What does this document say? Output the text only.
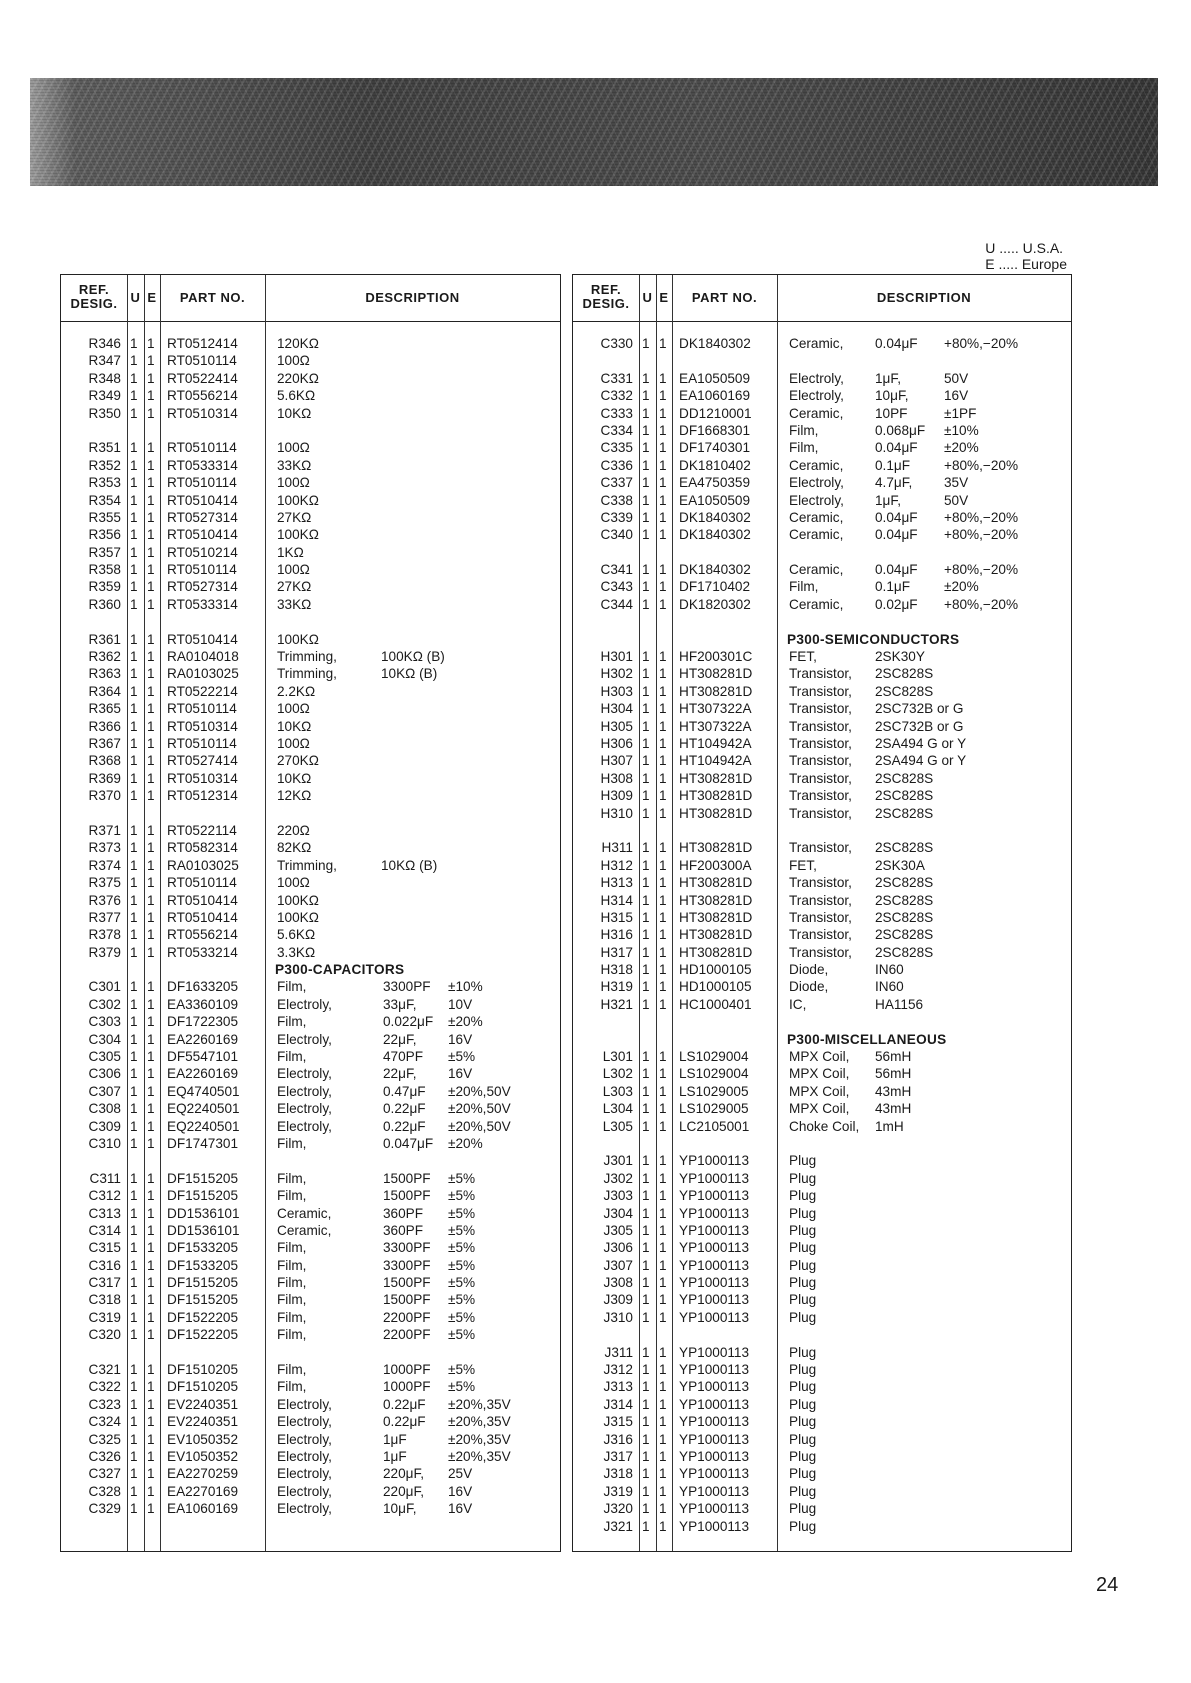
U ..... U.S.A.
E ..... Europe
REF.
DESIG.	U E	PART NO.	DESCRIPTION
R346 1 1 RT0512414	120KΩ
R347 1 1 RT0510114	100Ω
R348 1 1 RT0522414	220KΩ
R349 1 1 RT0556214	5.6KΩ
R350 1 1 RT0510314	10KΩ
R351 1 1 RT0510114	100Ω
R352 1 1 RT0533314	33KΩ
R353 1 1 RT0510114	100Ω
R354 1 1 RT0510414	100KΩ
R355 1 1 RT0527314	27KΩ
R356 1 1 RT0510414	100KΩ
R357 1 1 RT0510214	1KΩ
R358 1 1 RT0510114	100Ω
R359 1 1 RT0527314	27KΩ
R360 1 1 RT0533314	33KΩ
R361 1 1 RT0510414	100KΩ
R362 1 1 RA0104018	Trimming,	100KΩ (B)
R363 1 1 RA0103025	Trimming,	10KΩ (B)
R364 1 1 RT0522214	2.2KΩ
R365 1 1 RT0510114	100Ω
R366 1 1 RT0510314	10KΩ
R367 1 1 RT0510114	100Ω
R368 1 1 RT0527414	270KΩ
R369 1 1 RT0510314	10KΩ
R370 1 1 RT0512314	12KΩ
R371 1 1 RT0522114	220Ω
R373 1 1 RT0582314	82KΩ
R374 1 1 RA0103025	Trimming,	10KΩ (B)
R375 1 1 RT0510114	100Ω
R376 1 1 RT0510414	100KΩ
R377 1 1 RT0510414	100KΩ
R378 1 1 RT0556214	5.6KΩ
R379 1 1 RT0533214	3.3KΩ
P300-CAPACITORS
C301 1 1 DF1633205	Film,	3300PF ±10%
C302 1 1 EA3360109	Electroly,	33μF, 10V
C303 1 1 DF1722305	Film,	0.022μF ±20%
C304 1 1 EA2260169	Electroly,	22μF, 16V
C305 1 1 DF5547101	Film,	470PF ±5%
C306 1 1 EA2260169	Electroly,	22μF, 16V
C307 1 1 EQ4740501	Electroly,	0.47μF ±20%,50V
C308 1 1 EQ2240501	Electroly,	0.22μF ±20%,50V
C309 1 1 EQ2240501	Electroly,	0.22μF ±20%,50V
C310 1 1 DF1747301	Film,	0.047μF ±20%
C311 1 1 DF1515205	Film,	1500PF ±5%
C312 1 1 DF1515205	Film,	1500PF ±5%
C313 1 1 DD1536101	Ceramic,	360PF ±5%
C314 1 1 DD1536101	Ceramic,	360PF ±5%
C315 1 1 DF1533205	Film,	3300PF ±5%
C316 1 1 DF1533205	Film,	3300PF ±5%
C317 1 1 DF1515205	Film,	1500PF ±5%
C318 1 1 DF1515205	Film,	1500PF ±5%
C319 1 1 DF1522205	Film,	2200PF ±5%
C320 1 1 DF1522205	Film,	2200PF ±5%
C321 1 1 DF1510205	Film,	1000PF ±5%
C322 1 1 DF1510205	Film,	1000PF ±5%
C323 1 1 EV2240351	Electroly,	0.22μF ±20%,35V
C324 1 1 EV2240351	Electroly,	0.22μF ±20%,35V
C325 1 1 EV1050352	Electroly,	1μF	±20%,35V
C326 1 1 EV1050352	Electroly,	1μF	±20%,35V
C327 1 1 EA2270259	Electroly,	220μF, 25V
C328 1 1 EA2270169	Electroly,	220μF, 16V
C329 1 1 EA1060169	Electroly,	10μF, 16V
REF.
DESIG.	U E	PART NO.	DESCRIPTION
C330 1 1 DK1840302	Ceramic, 0.04μF +80%,−20%
C331 1 1 EA1050509	Electroly, 1μF,	50V
C332 1 1 EA1060169	Electroly, 10μF,	16V
C333 1 1 DD1210001	Ceramic, 10PF	±1PF
C334 1 1 DF1668301	Film,	0.068μF ±10%
C335 1 1 DF1740301	Film,	0.04μF ±20%
C336 1 1 DK1810402	Ceramic, 0.1μF +80%,−20%
C337 1 1 EA4750359	Electroly, 4.7μF, 35V
C338 1 1 EA1050509	Electroly, 1μF,	50V
C339 1 1 DK1840302	Ceramic, 0.04μF +80%,−20%
C340 1 1 DK1840302	Ceramic, 0.04μF +80%,−20%
C341 1 1 DK1840302	Ceramic, 0.04μF +80%,−20%
C343 1 1 DF1710402	Film,	0.1μF ±20%
C344 1 1 DK1820302	Ceramic, 0.02μF +80%,−20%
P300-SEMICONDUCTORS
H301 1 1 HF200301C	FET,	2SK30Y
H302 1 1 HT308281D	Transistor, 2SC828S
H303 1 1 HT308281D	Transistor, 2SC828S
H304 1 1 HT307322A	Transistor, 2SC732B or G
H305 1 1 HT307322A	Transistor, 2SC732B or G
H306 1 1 HT104942A	Transistor, 2SA494 G or Y
H307 1 1 HT104942A	Transistor, 2SA494 G or Y
H308 1 1 HT308281D	Transistor, 2SC828S
H309 1 1 HT308281D	Transistor, 2SC828S
H310 1 1 HT308281D	Transistor, 2SC828S
H311 1 1 HT308281D	Transistor, 2SC828S
H312 1 1 HF200300A	FET,	2SK30A
H313 1 1 HT308281D	Transistor, 2SC828S
H314 1 1 HT308281D	Transistor, 2SC828S
H315 1 1 HT308281D	Transistor, 2SC828S
H316 1 1 HT308281D	Transistor, 2SC828S
H317 1 1 HT308281D	Transistor, 2SC828S
H318 1 1 HD1000105	Diode,	IN60
H319 1 1 HD1000105	Diode,	IN60
H321 1 1 HC1000401	IC,	HA1156
P300-MISCELLANEOUS
L301 1 1 LS1029004	MPX Coil, 56mH
L302 1 1 LS1029004	MPX Coil, 56mH
L303 1 1 LS1029005	MPX Coil, 43mH
L304 1 1 LS1029005	MPX Coil, 43mH
L305 1 1 LC2105001	Choke Coil, 1mH
J301 1 1 YP1000113	Plug
J302 1 1 YP1000113	Plug
J303 1 1 YP1000113	Plug
J304 1 1 YP1000113	Plug
J305 1 1 YP1000113	Plug
J306 1 1 YP1000113	Plug
J307 1 1 YP1000113	Plug
J308 1 1 YP1000113	Plug
J309 1 1 YP1000113	Plug
J310 1 1 YP1000113	Plug
J311 1 1 YP1000113	Plug
J312 1 1 YP1000113	Plug
J313 1 1 YP1000113	Plug
J314 1 1 YP1000113	Plug
J315 1 1 YP1000113	Plug
J316 1 1 YP1000113	Plug
J317 1 1 YP1000113	Plug
J318 1 1 YP1000113	Plug
J319 1 1 YP1000113	Plug
J320 1 1 YP1000113	Plug
J321 1 1 YP1000113	Plug
24
